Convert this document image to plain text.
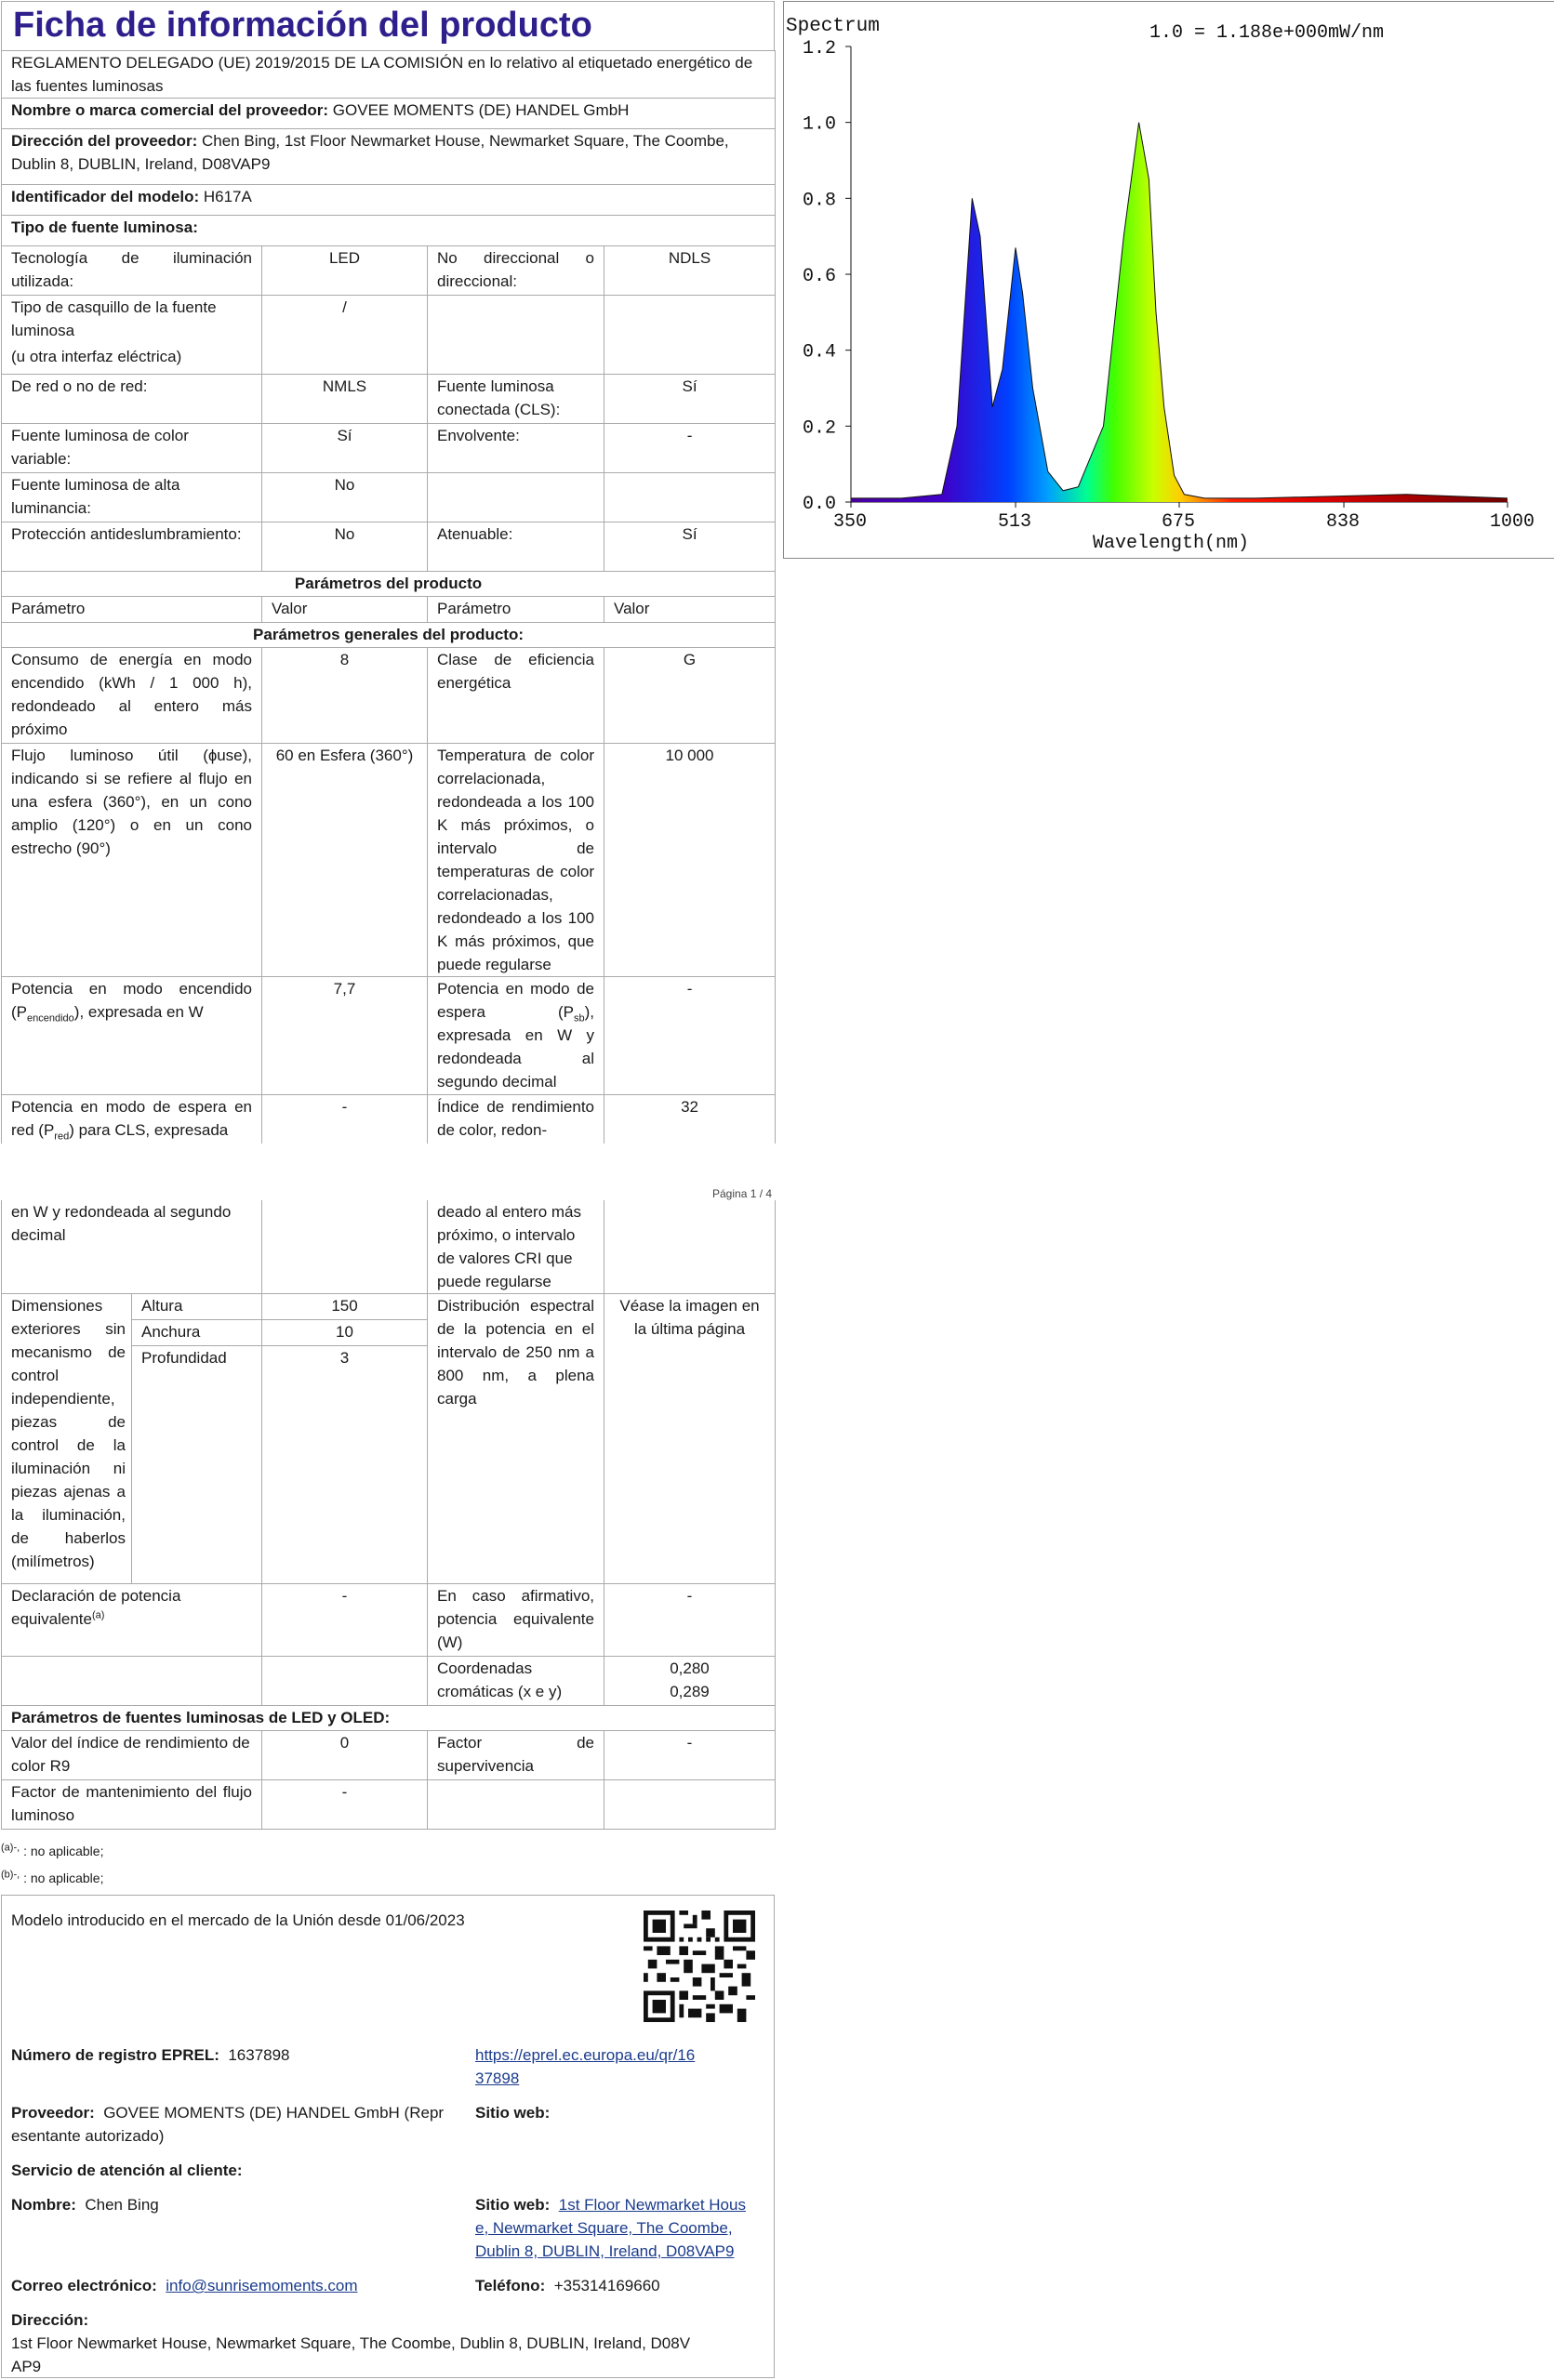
Ficha de información del producto
REGLAMENTO DELEGADO (UE) 2019/2015 DE LA COMISIÓN en lo relativo al etiquetado energético de las fuentes luminosas			
Nombre o marca comercial del proveedor: GOVEE MOMENTS (DE) HANDEL GmbH			
Dirección del proveedor: Chen Bing, 1st Floor Newmarket House, Newmarket Square, The Coombe, Dublin 8, DUBLIN, Ireland, D08VAP9			
Identificador del modelo: H617A			
Tipo de fuente luminosa:			
Tecnología de iluminación utilizada:	LED	No direccional o direccional:	NDLS

Tipo de casquillo de la fuente luminosa
(u otra interfaz eléctrica)	/		
De red o no de red:	NMLS	Fuente luminosa conectada (CLS):	Sí
Fuente luminosa de color variable:	Sí	Envolvente:	-
Fuente luminosa de alta luminancia:	No		
Protección antideslumbramiento:	No	Atenuable:	Sí
Parámetros del producto			
Parámetro	Valor	Parámetro	Valor
Parámetros generales del producto:			
Consumo de energía en modo encendido (kWh / 1 000 h), redondeado al entero más próximo	8	Clase de eficiencia energética	G
Flujo luminoso útil (ɸuse), indicando si se refiere al flujo en una esfera (360°), en un cono amplio (120°) o en un cono estrecho (90°)	60 en Esfera (360°)	Temperatura de color correlacionada, redondeada a los 100 K más próximos, o intervalo de temperaturas de color correlacionadas, redondeado a los 100 K más próximos, que puede regularse	10 000
Potencia en modo encendido $(P_{encendido})$, expresada en W	7,7	Potencia en modo de espera $(P_{sb})$, expresada en W y redondeada al segundo decimal	-
Potencia en modo de espera en red $(P_{red})$ para CLS, expresada	-	Índice de rendimiento de color, redon-	32
Página 1 / 4
en W y redondeada al segundo decimal			deado al entero más próximo, o intervalo de valores CRI que puede regularse	
Dimensiones exteriores sin mecanismo de control independiente, piezas de control de la iluminación ni piezas ajenas a la iluminación, de haberlos (milímetros)	Altura	150	Distribución espectral de la potencia en el intervalo de 250 nm a 800 nm, a plena carga	Véase la imagen en la última página
	Anchura	10		
	Profundidad	3		
Declaración de potencia equivalente$^{(a)}$		-	En caso afirmativo, potencia equivalente (W)	-
			Coordenadas cromáticas (x e y)	0,280
0,289

Parámetros de fuentes luminosas de LED y OLED:				
Valor del índice de rendimiento de color R9		0	Factor de supervivencia	-
Factor de mantenimiento del flujo luminoso		-		
$^{(a)-,}$ : no aplicable;
$^{(b)-,}$ : no aplicable;
Modelo introducido en el mercado de la Unión desde 01/06/2023
Número de registro EPREL: 1637898	https://eprel.ec.europa.eu/qr/16
37898
Proveedor: GOVEE MOMENTS (DE) HANDEL GmbH (Repr
esentante autorizado)
Sitio web:
Servicio de atención al cliente:
Nombre: Chen Bing	Sitio web: 1st Floor Newmarket Hous
e, Newmarket Square, The Coombe,
Dublin 8, DUBLIN, Ireland, D08VAP9
Correo electrónico: info@sunrisemoments.com	Teléfono: +35314169660
Dirección:
1st Floor Newmarket House, Newmarket Square, The Coombe, Dublin 8, DUBLIN, Ireland, D08V
AP9
Spectrum	1.0 = 1.188e+000mW/nm
0.0
0.2
0.4
0.6
0.8
1.0
1.2
350	513	675	838	1000
Wavelength(nm)
